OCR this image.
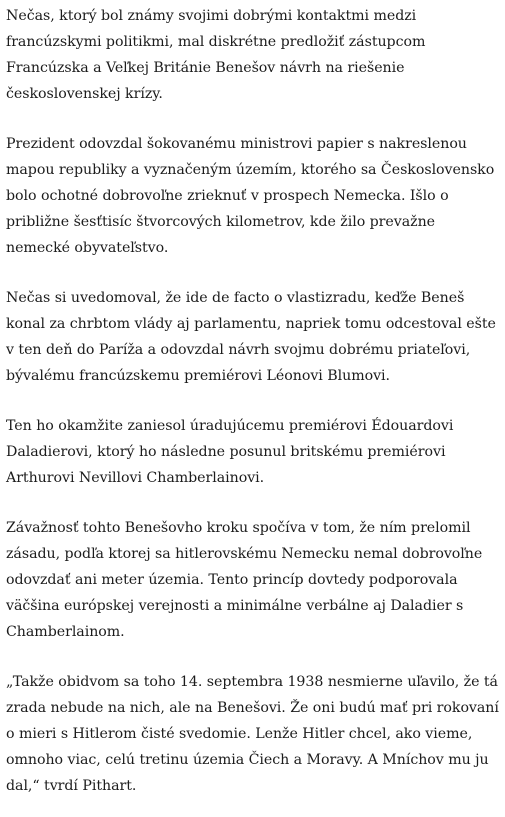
Nečas, ktorý bol známy svojimi dobrými kontaktmi medzi francúzskymi politikmi, mal diskrétne predložiť zástupcom Francúzska a Veľkej Británie Benešov návrh na riešenie československej krízy.

Prezident odovzdal šokovanému ministrovi papier s nakreslenou mapou republiky a vyznačeným územím, ktorého sa Československo bolo ochotné dobrovoľne zrieknuť v prospech Nemecka. Išlo o približne šesťtisíc štvorcových kilometrov, kde žilo prevažne nemecké obyvateľstvo.

Nečas si uvedomoval, že ide de facto o vlastizradu, keďže Beneš konal za chrbtom vlády aj parlamentu, napriek tomu odcestoval ešte v ten deň do Paríža a odovzdal návrh svojmu dobrému priateľovi, bývalému francúzskemu premiérovi Léonovi Blumovi.

Ten ho okamžite zaniesol úradujúcemu premiérovi Édouardovi Daladierovi, ktorý ho následne posunul britskému premiérovi Arthurovi Nevillovi Chamberlainovi.

Závažnosť tohto Benešovho kroku spočíva v tom, že ním prelomil zásadu, podľa ktorej sa hitlerovskému Nemecku nemal dobrovoľne odovzdať ani meter územia. Tento princíp dovtedy podporovala väčšina európskej verejnosti a minimálne verbálne aj Daladier s Chamberlainom.

„Takže obidvom sa toho 14. septembra 1938 nesmierne uľavilo, že tá zrada nebude na nich, ale na Benešovi. Že oni budú mať pri rokovaní o mieri s Hitlerom čisté svedomie. Lenže Hitler chcel, ako vieme, omnoho viac, celú tretinu územia Čiech a Moravy. A Mníchov mu ju dal,“ tvrdí Pithart.
